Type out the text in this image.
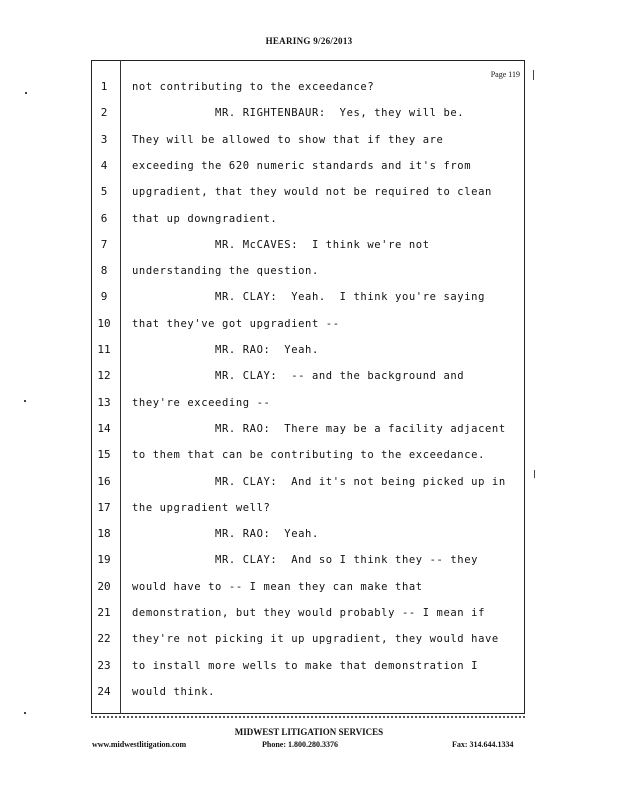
HEARING 9/26/2013
Page 119
1	not contributing to the exceedance?
2	MR. RIGHTENBAUR:  Yes, they will be.
3	They will be allowed to show that if they are
4	exceeding the 620 numeric standards and it's from
5	upgradient, that they would not be required to clean
6	that up downgradient.
7	MR. McCAVES:  I think we're not
8	understanding the question.
9	MR. CLAY:  Yeah.  I think you're saying
10 that they've got upgradient --
11 MR. RAO:  Yeah.
12 MR. CLAY:  -- and the background and
13 they're exceeding --
14 MR. RAO:  There may be a facility adjacent
15 to them that can be contributing to the exceedance.
16 MR. CLAY:  And it's not being picked up in
17 the upgradient well?
18 MR. RAO:  Yeah.
19 MR. CLAY:  And so I think they -- they
20 would have to -- I mean they can make that
21 demonstration, but they would probably -- I mean if
22 they're not picking it up upgradient, they would have
23 to install more wells to make that demonstration I
24 would think.
MIDWEST LITIGATION SERVICES
www.midwestlitigation.com	Phone: 1.800.280.3376	Fax: 314.644.1334
